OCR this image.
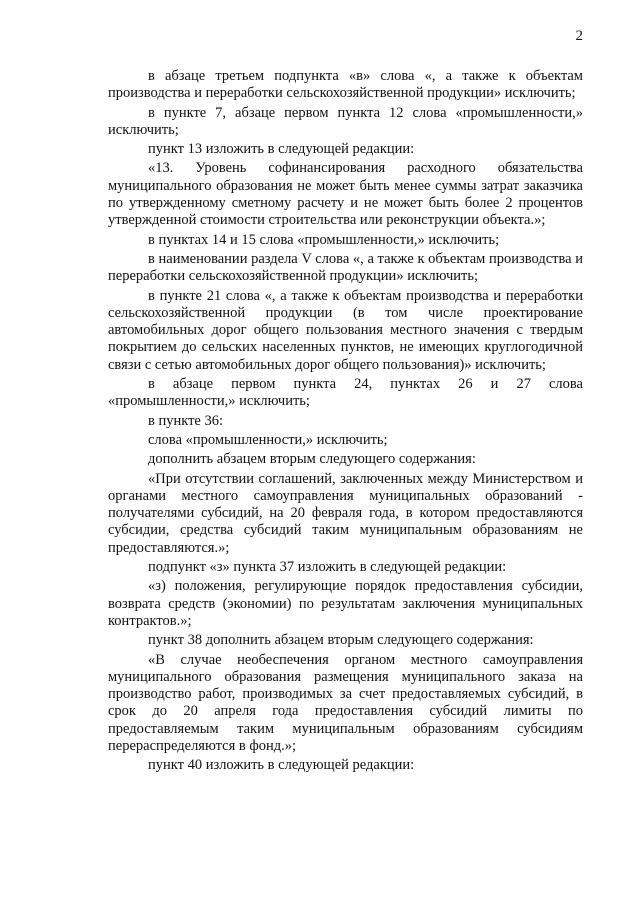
2

в абзаце третьем подпункта «в» слова «, а также к объектам производства и переработки сельскохозяйственной продукции» исключить;

в пункте 7, абзаце первом пункта 12 слова «промышленности,» исключить;

пункт 13 изложить в следующей редакции:

«13. Уровень софинансирования расходного обязательства муниципального образования не может быть менее суммы затрат заказчика по утвержденному сметному расчету и не может быть более 2 процентов утвержденной стоимости строительства или реконструкции объекта.»;

в пунктах 14 и 15 слова «промышленности,» исключить;

в наименовании раздела V слова «, а также к объектам производства и переработки сельскохозяйственной продукции» исключить;

в пункте 21 слова «, а также к объектам производства и переработки сельскохозяйственной продукции (в том числе проектирование автомобильных дорог общего пользования местного значения с твердым покрытием до сельских населенных пунктов, не имеющих круглогодичной связи с сетью автомобильных дорог общего пользования)» исключить;

в абзаце первом пункта 24, пунктах 26 и 27 слова «промышленности,» исключить;

в пункте 36:

слова «промышленности,» исключить;

дополнить абзацем вторым следующего содержания:

«При отсутствии соглашений, заключенных между Министерством и органами местного самоуправления муниципальных образований - получателями субсидий, на 20 февраля года, в котором предоставляются субсидии, средства субсидий таким муниципальным образованиям не предоставляются.»;

подпункт «з» пункта 37 изложить в следующей редакции:

«з) положения, регулирующие порядок предоставления субсидии, возврата средств (экономии) по результатам заключения муниципальных контрактов.»;

пункт 38 дополнить абзацем вторым следующего содержания:

«В случае необеспечения органом местного самоуправления муниципального образования размещения муниципального заказа на производство работ, производимых за счет предоставляемых субсидий, в срок до 20 апреля года предоставления субсидий лимиты по предоставляемым таким муниципальным образованиям субсидиям перераспределяются в фонд.»;

пункт 40 изложить в следующей редакции:
